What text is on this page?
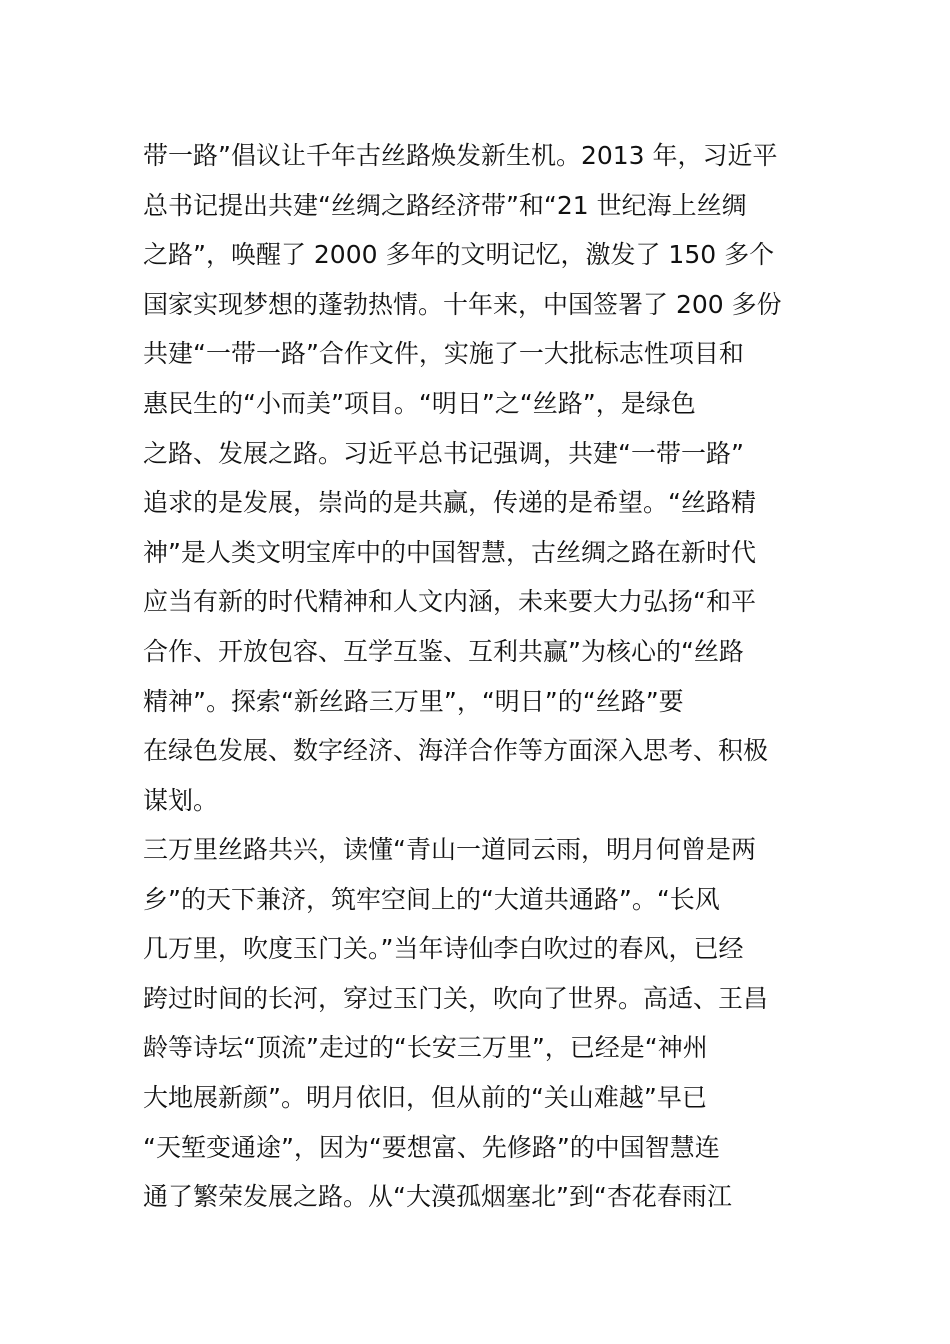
带一路”倡议让千年古丝路焕发新生机。2013 年，习近平
总书记提出共建“丝绸之路经济带”和“21 世纪海上丝绸
之路”，唤醒了 2000 多年的文明记忆，激发了 150 多个
国家实现梦想的蓬勃热情。十年来，中国签署了 200 多份
共建“一带一路”合作文件，实施了一大批标志性项目和
惠民生的“小而美”项目。“明日”之“丝路”，是绿色
之路、发展之路。习近平总书记强调，共建“一带一路”
追求的是发展，崇尚的是共赢，传递的是希望。“丝路精
神”是人类文明宝库中的中国智慧，古丝绸之路在新时代
应当有新的时代精神和人文内涵，未来要大力弘扬“和平
合作、开放包容、互学互鉴、互利共赢”为核心的“丝路
精神”。探索“新丝路三万里”，“明日”的“丝路”要
在绿色发展、数字经济、海洋合作等方面深入思考、积极
谋划。
三万里丝路共兴，读懂“青山一道同云雨，明月何曾是两
乡”的天下兼济，筑牢空间上的“大道共通路”。“长风
几万里，吹度玉门关。”当年诗仙李白吹过的春风，已经
跨过时间的长河，穿过玉门关，吹向了世界。高适、王昌
龄等诗坛“顶流”走过的“长安三万里”，已经是“神州
大地展新颜”。明月依旧，但从前的“关山难越”早已
“天堑变通途”，因为“要想富、先修路”的中国智慧连
通了繁荣发展之路。从“大漠孤烟塞北”到“杏花春雨江
